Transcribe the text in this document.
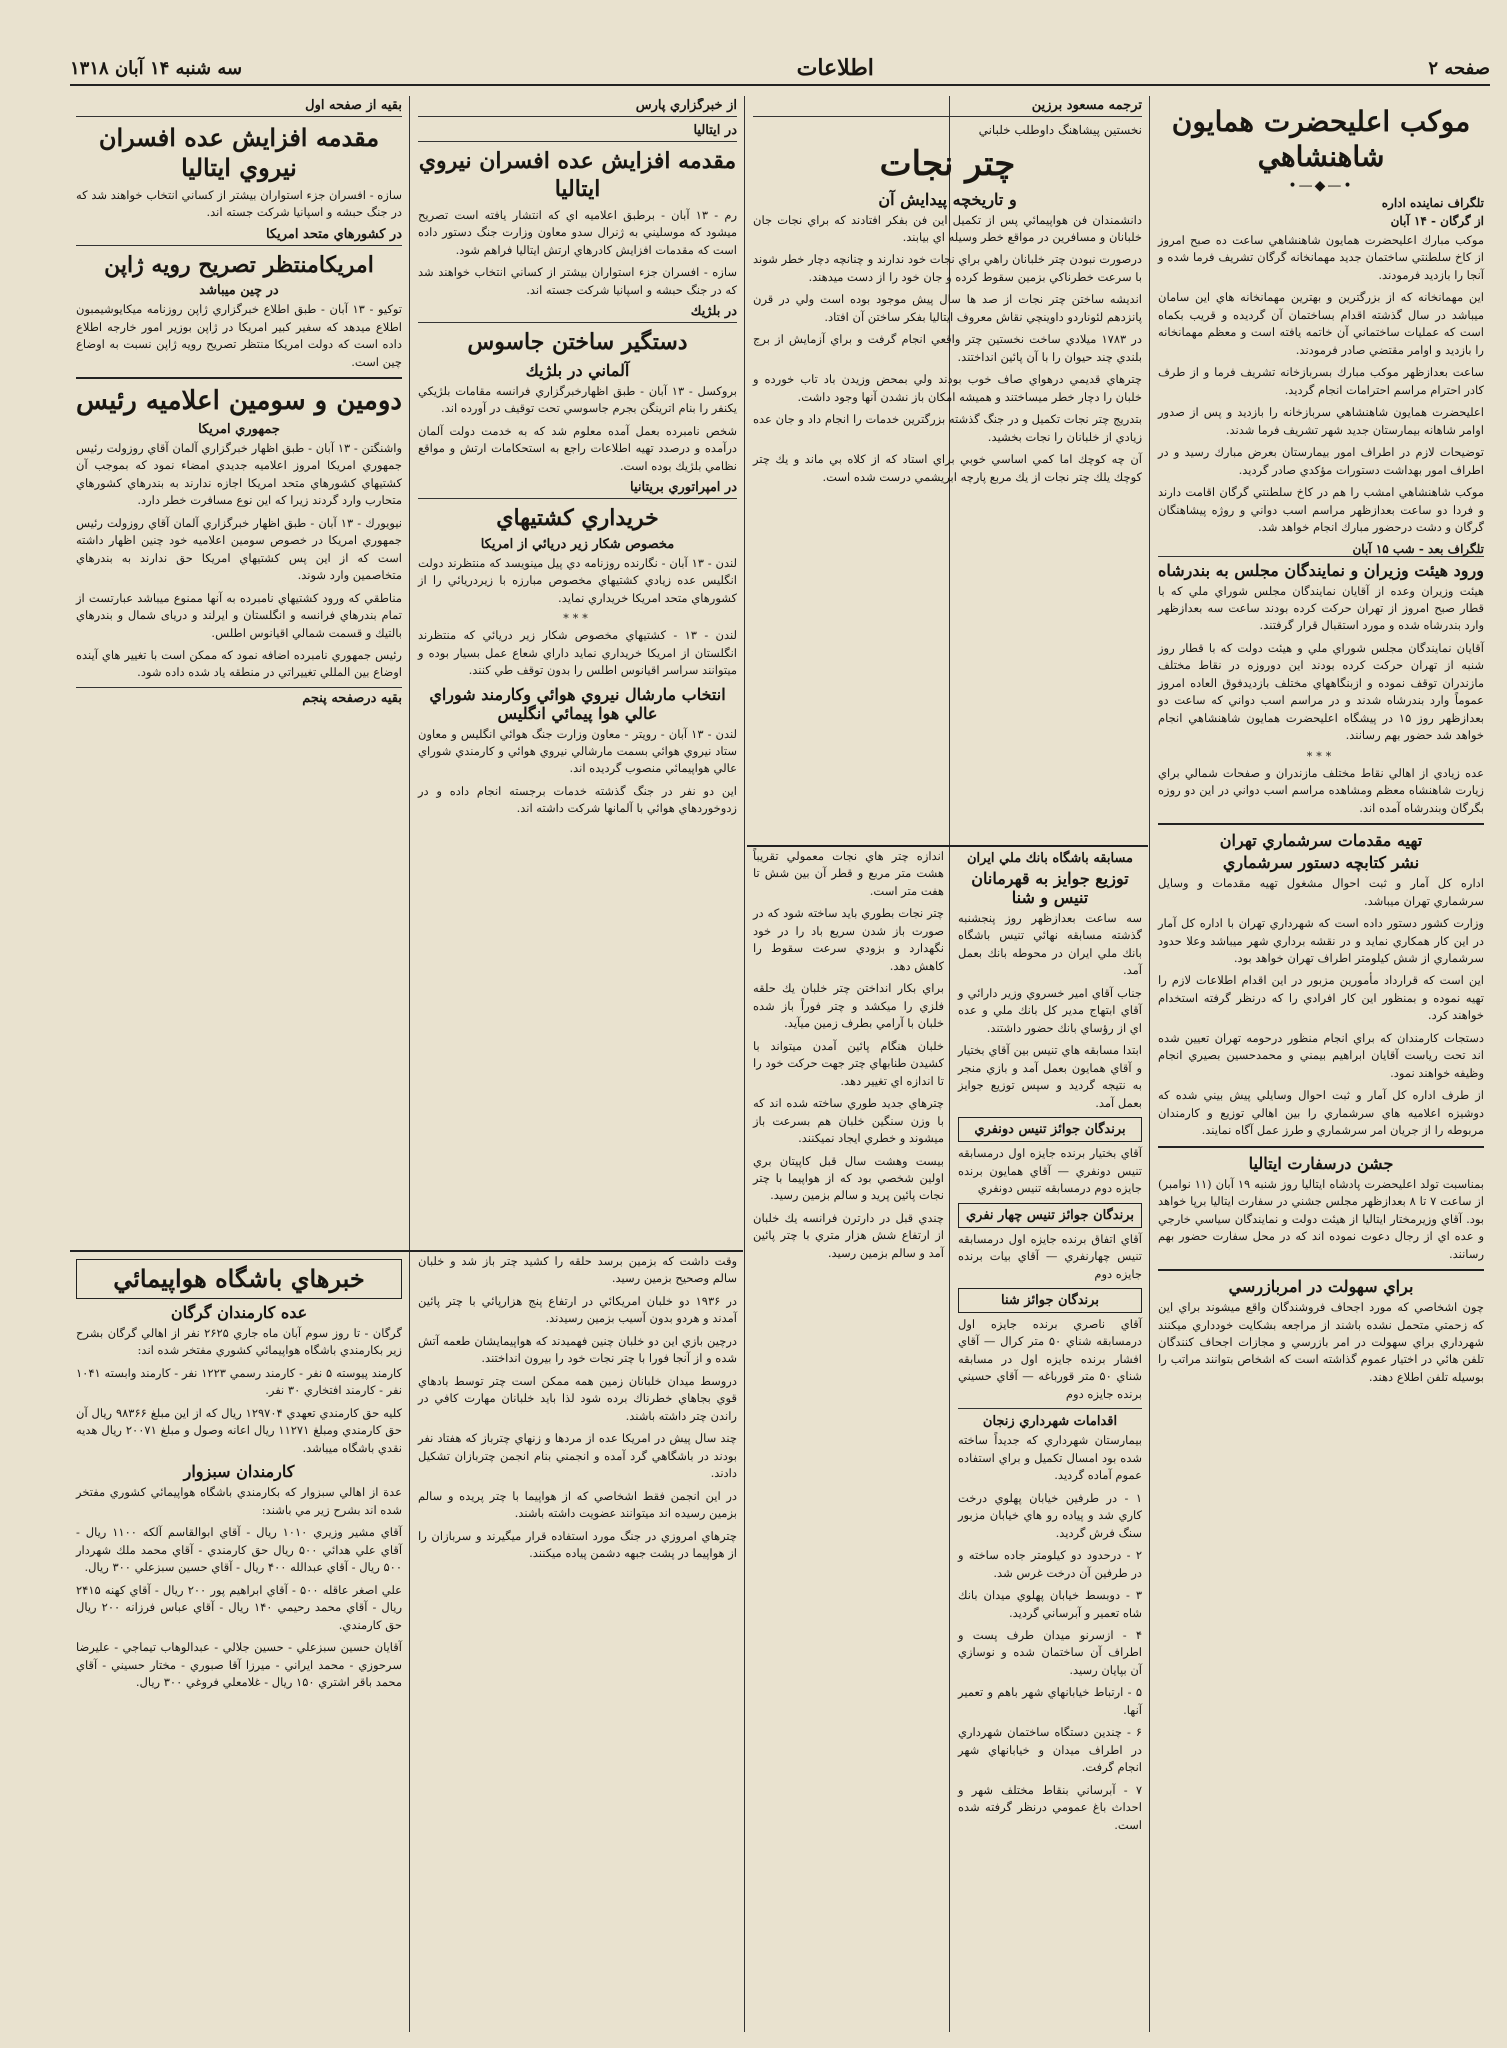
صفحه ۲
اطلاعات
سه شنبه ۱۴ آبان ۱۳۱۸
موكب اعليحضرت همايون شاهنشاهي
•—◆—•
تلگراف نماينده اداره
از گرگان - ۱۴ آبان

موكب مبارك اعليحضرت همايون شاهنشاهي ساعت ده صبح امروز از كاخ سلطنتي ساختمان جديد مهمانخانه گرگان تشريف فرما شده و آنجا را بازديد فرمودند.

اين مهمانخانه كه از بزرگترين و بهترين مهمانخانه هاي اين سامان ميباشد در سال گذشته اقدام بساختمان آن گرديده و قريب بكماه است كه عمليات ساختماني آن خاتمه يافته است و معظم مهمانخانه را بازديد و اوامر مقتضي صادر فرمودند.

ساعت بعدازظهر موكب مبارك بسربازخانه تشريف فرما و از طرف كادر احترام مراسم احترامات انجام گرديد.

اعليحضرت همايون شاهنشاهي سربازخانه را بازديد و پس از صدور اوامر شاهانه بيمارستان جديد شهر تشريف فرما شدند.

توضيحات لازم در اطراف امور بيمارستان بعرض مبارك رسيد و در اطراف امور بهداشت دستورات مؤكدي صادر گرديد.

موكب شاهنشاهي امشب را هم در كاخ سلطنتي گرگان اقامت دارند و فردا دو ساعت بعدازظهر مراسم اسب دواني و روژه پيشاهنگان گرگان و دشت درحضور مبارك انجام خواهد شد.

تلگراف بعد - شب ۱۵ آبان
ورود هيئت وزيران و نمايندگان مجلس به بندرشاه

هيئت وزيران وعده از آقايان نمايندگان مجلس شوراي ملي كه با قطار صبح امروز از تهران حركت كرده بودند ساعت سه بعدازظهر وارد بندرشاه شده و مورد استقبال قرار گرفتند.

آقايان نمايندگان مجلس شوراي ملي و هيئت دولت كه با قطار روز شنبه از تهران حركت كرده بودند اين دوروزه در نقاط مختلف مازندران توقف نموده و ازبنگاههاي مختلف بازديدفوق العاده امروز عموماً وارد بندرشاه شدند و در مراسم اسب دواني كه ساعت دو بعدازظهر روز ۱۵ در پيشگاه اعليحضرت همايون شاهنشاهي انجام خواهد شد حضور بهم رسانند.

***

عده زيادي از اهالي نقاط مختلف مازندران و صفحات شمالي براي زيارت شاهنشاه معظم ومشاهده مراسم اسب دواني در اين دو روزه بگرگان وبندرشاه آمده اند.

تهيه مقدمات سرشماري تهران
نشر كتابچه دستور سرشماري

اداره كل آمار و ثبت احوال مشغول تهيه مقدمات و وسايل سرشماري تهران ميباشد.

وزارت كشور دستور داده است كه شهرداري تهران با اداره كل آمار در اين كار همكاري نمايد و در نقشه برداري شهر ميباشد وعلا حدود سرشماري از شش كيلومتر اطراف تهران خواهد بود.

اين است كه قرارداد مأمورين مزبور در اين اقدام اطلاعات لازم را تهيه نموده و بمنظور اين كار افرادي را كه درنظر گرفته استخدام خواهند كرد.

دستجات كارمندان كه براي انجام منظور درحومه تهران تعيين شده اند تحت رياست آقايان ابراهيم بيمني و محمدحسين بصيري انجام وظيفه خواهند نمود.

از طرف اداره كل آمار و ثبت احوال وسايلي پيش بيني شده كه دوشيزه اعلاميه هاي سرشماري را بين اهالي توزيع و كارمندان مربوطه را از جريان امر سرشماري و طرز عمل آگاه نمايند.

جشن درسفارت ايتاليا

بمناسبت تولد اعليحضرت پادشاه ايتاليا روز شنبه ۱۹ آبان (۱۱ نوامبر) از ساعت ۷ تا ۸ بعدازظهر مجلس جشني در سفارت ايتاليا برپا خواهد بود. آقاي وزيرمختار ايتاليا از هيئت دولت و نمايندگان سياسي خارجي و عده اي از رجال دعوت نموده اند كه در محل سفارت حضور بهم رسانند.

براي سهولت در امربازرسي

چون اشخاصي كه مورد اجحاف فروشندگان واقع ميشوند براي اين كه زحمتي متحمل نشده باشند از مراجعه بشكايت خودداري ميكنند شهرداري براي سهولت در امر بازرسي و مجازات اجحاف كنندگان تلفن هائي در اختيار عموم گذاشته است كه اشخاص بتوانند مراتب را بوسيله تلفن اطلاع دهند.

مسابقه باشگاه بانك ملي ايران
توزيع جوايز به قهرمانان تنيس و شنا

سه ساعت بعدازظهر روز پنجشنبه گذشته مسابقه نهائي تنيس باشگاه بانك ملي ايران در محوطه بانك بعمل آمد.

جناب آقاي امير خسروي وزير دارائي و آقاي ابتهاج مدير كل بانك ملي و عده اي از رؤساي بانك حضور داشتند.

ابتدا مسابقه هاي تنيس بين آقاي بختيار و آقاي همايون بعمل آمد و بازي منجر به نتيجه گرديد و سپس توزيع جوايز بعمل آمد.

برندگان جوائز تنيس دونفري

آقاي بختيار برنده جايزه اول درمسابقه تنيس دونفري — آقاي همايون برنده جايزه دوم درمسابقه تنيس دونفري

برندگان جوائز تنيس چهار نفري

آقاي اتفاق برنده جايزه اول درمسابقه تنيس چهارنفري — آقاي بيات برنده جايزه دوم

برندگان جوائز شنا

آقاي ناصري برنده جايزه اول درمسابقه شناي ۵۰ متر كرال — آقاي افشار برنده جايزه اول در مسابقه شناي ۵۰ متر قورباغه — آقاي حسيني برنده جايزه دوم

اقدامات شهرداري زنجان

بيمارستان شهرداري كه جديداً ساخته شده بود امسال تكميل و براي استفاده عموم آماده گرديد.

۱ - در طرفين خيابان پهلوي درخت كاري شد و پياده رو هاي خيابان مزبور سنگ فرش گرديد.

۲ - درحدود دو كيلومتر جاده ساخته و در طرفين آن درخت غرس شد.

۳ - دوبسط خيابان پهلوي ميدان بانك شاه تعمير و آبرساني گرديد.

۴ - ازسرنو ميدان طرف پست و اطراف آن ساختمان شده و نوسازي آن بپايان رسيد.

۵ - ارتباط خيابانهاي شهر باهم و تعمير آنها.

۶ - چندين دستگاه ساختمان شهرداري در اطراف ميدان و خيابانهاي شهر انجام گرفت.

۷ - آبرساني بنقاط مختلف شهر و احداث باغ عمومي درنظر گرفته شده است.

ترجمه مسعود برزين
نخستين پيشاهنگ داوطلب خلباني
چتر نجات
و تاريخچه پيدايش آن

دانشمندان فن هواپيمائي پس از تكميل اين فن بفكر افتادند كه براي نجات جان خلبانان و مسافرين در مواقع خطر وسيله اي بيابند.

درصورت نبودن چتر خلبانان راهي براي نجات خود ندارند و چنانچه دچار خطر شوند با سرعت خطرناكي بزمين سقوط كرده و جان خود را از دست ميدهند.

انديشه ساختن چتر نجات از صد ها سال پيش موجود بوده است ولي در قرن پانزدهم لئوناردو داوينچي نقاش معروف ايتاليا بفكر ساختن آن افتاد.

در ۱۷۸۳ ميلادي ساخت نخستين چتر واقعي انجام گرفت و براي آزمايش از برج بلندي چند حيوان را با آن پائين انداختند.

چترهاي قديمي درهواي صاف خوب بودند ولي بمحض وزيدن باد تاب خورده و خلبان را دچار خطر ميساختند و هميشه امكان باز نشدن آنها وجود داشت.

بتدريج چتر نجات تكميل و در جنگ گذشته بزرگترين خدمات را انجام داد و جان عده زيادي از خلبانان را نجات بخشيد.

آن چه كوچك اما كمي اساسي خوبي براي استاد كه از كلاه بي ماند و يك چتر كوچك يلك چتر نجات از يك مربع پارچه ابريشمي درست شده است.

اندازه چتر هاي نجات معمولي تقريباً هشت متر مربع و قطر آن بين شش تا هفت متر است.

چتر نجات بطوري بايد ساخته شود كه در صورت باز شدن سريع باد را در خود نگهدارد و بزودي سرعت سقوط را كاهش دهد.

براي بكار انداختن چتر خلبان يك حلقه فلزي را ميكشد و چتر فوراً باز شده خلبان با آرامي بطرف زمين ميآيد.

خلبان هنگام پائين آمدن ميتواند با كشيدن طنابهاي چتر جهت حركت خود را تا اندازه اي تغيير دهد.

چترهاي جديد طوري ساخته شده اند كه با وزن سنگين خلبان هم بسرعت باز ميشوند و خطري ايجاد نميكنند.

بيست وهشت سال قبل كاپيتان بري اولين شخصي بود كه از هواپيما با چتر نجات پائين پريد و سالم بزمين رسيد.

چندي قبل در دارترن فرانسه يك خلبان از ارتفاع شش هزار متري با چتر پائين آمد و سالم بزمين رسيد.

از خبرگزاري پارس
در ايتاليا
مقدمه افزايش عده افسران نيروي ايتاليا

رم - ۱۳ آبان - برطبق اعلاميه اي كه انتشار يافته است تصريح ميشود كه موسليني به ژنرال سدو معاون وزارت جنگ دستور داده است كه مقدمات افزايش كادرهاي ارتش ايتاليا فراهم شود.

سازه - افسران جزء استواران بيشتر از كساني انتخاب خواهند شد كه در جنگ حبشه و اسپانيا شركت جسته اند.

در بلژيك
دستگير ساختن جاسوس
آلماني در بلژيك

بروكسل - ۱۳ آبان - طبق اظهارخبرگزاري فرانسه مقامات بلژيكي يكنفر را بنام اترينگن بجرم جاسوسي تحت توقيف در آورده اند.

شخص نامبرده بعمل آمده معلوم شد كه به خدمت دولت آلمان درآمده و درصدد تهيه اطلاعات راجع به استحكامات ارتش و مواقع نظامي بلژيك بوده است.

در امپراتوري بريتانيا
خريداري كشتيهاي
مخصوص شكار زير دريائي از امريكا

لندن - ۱۳ آبان - نگارنده روزنامه دي پيل مينويسد كه منتظرند دولت انگليس عده زيادي كشتيهاي مخصوص مبارزه با زيردريائي را از كشورهاي متحد امريكا خريداري نمايد.

***

لندن - ۱۳ - كشتيهاي مخصوص شكار زير دريائي كه منتظرند انگلستان از امريكا خريداري نمايد داراي شعاع عمل بسيار بوده و ميتوانند سراسر اقيانوس اطلس را بدون توقف طي كنند.

انتخاب مارشال نيروي هوائي وكارمند شوراي عالي هوا پيمائي انگليس

لندن - ۱۳ آبان - رويتر - معاون وزارت جنگ هوائي انگليس و معاون ستاد نيروي هوائي بسمت مارشالي نيروي هوائي و كارمندي شوراي عالي هواپيمائي منصوب گرديده اند.

اين دو نفر در جنگ گذشته خدمات برجسته انجام داده و در زدوخوردهاي هوائي با آلمانها شركت داشته اند.

وقت داشت كه بزمين برسد حلقه را كشيد چتر باز شد و خلبان سالم وصحيح بزمين رسيد.

در ۱۹۳۶ دو خلبان امريكائي در ارتفاع پنج هزارپائي با چتر پائين آمدند و هردو بدون آسيب بزمين رسيدند.

درچين بازي اين دو خلبان چنين فهميدند كه هواپيمايشان طعمه آتش شده و از آنجا فورا با چتر نجات خود را بيرون انداختند.

دروسط ميدان خلبانان زمين همه ممكن است چتر توسط بادهاي قوي بجاهاي خطرناك برده شود لذا بايد خلبانان مهارت كافي در راندن چتر داشته باشند.

چند سال پيش در امريكا عده از مردها و زنهاي چترباز كه هفتاد نفر بودند در باشگاهي گرد آمده و انجمني بنام انجمن چتربازان تشكيل دادند.

در اين انجمن فقط اشخاصي كه از هواپيما با چتر پريده و سالم بزمين رسيده اند ميتوانند عضويت داشته باشند.

چترهاي امروزي در جنگ مورد استفاده قرار ميگيرند و سربازان را از هواپيما در پشت جبهه دشمن پياده ميكنند.

بقيه از صفحه اول
مقدمه افزايش عده افسران نيروي ايتاليا

سازه - افسران جزء استواران بيشتر از كساني انتخاب خواهند شد كه در جنگ حبشه و اسپانيا شركت جسته اند.

در كشورهاي متحد امريكا
امريكامنتظر تصريح رويه ژاپن
در چين ميباشد

توكيو - ۱۳ آبان - طبق اطلاع خبرگزاري ژاپن روزنامه ميكايوشيمبون اطلاع ميدهد كه سفير كبير امريكا در ژاپن بوزير امور خارجه اطلاع داده است كه دولت امريكا منتظر تصريح رويه ژاپن نسبت به اوضاع چين است.

دومين و سومين اعلاميه رئيس
جمهوري امريكا

واشنگتن - ۱۳ آبان - طبق اظهار خبرگزاري آلمان آقاي روزولت رئيس جمهوري امريكا امروز اعلاميه جديدي امضاء نمود كه بموجب آن كشتيهاي كشورهاي متحد امريكا اجازه ندارند به بندرهاي كشورهاي متحارب وارد گردند زيرا كه اين نوع مسافرت خطر دارد.

نيويورك - ۱۳ آبان - طبق اظهار خبرگزاري آلمان آقاي روزولت رئيس جمهوري امريكا در خصوص سومين اعلاميه خود چنين اظهار داشته است كه از اين پس كشتيهاي امريكا حق ندارند به بندرهاي متخاصمين وارد شوند.

مناطقي كه ورود كشتيهاي نامبرده به آنها ممنوع ميباشد عبارتست از تمام بندرهاي فرانسه و انگلستان و ايرلند و دريای شمال و بندرهاي بالتيك و قسمت شمالي اقيانوس اطلس.

رئيس جمهوري نامبرده اضافه نمود كه ممكن است با تغيير هاي آينده اوضاع بين المللي تغييراتي در منطقه ياد شده داده شود.

بقيه درصفحه پنجم
خبرهاي باشگاه هواپيمائي
عده كارمندان گرگان

گرگان - تا روز سوم آبان ماه جاري ۲۶۲۵ نفر از اهالي گرگان بشرح زير بكارمندي باشگاه هواپيمائي كشوري مفتخر شده اند:

كارمند پيوسته ۵ نفر - كارمند رسمي ۱۲۲۳ نفر - كارمند وابسته ۱۰۴۱ نفر - كارمند افتخاري ۳۰ نفر.

كليه حق كارمندي تعهدي ۱۲۹۷۰۴ ريال كه از اين مبلغ ۹۸۳۶۶ ريال آن حق كارمندي ومبلغ ۱۱۲۷۱ ريال اعانه وصول و مبلغ ۲۰۰۷۱ ريال هديه نقدي باشگاه ميباشد.

كارمندان سبزوار

عدة از اهالي سبزوار كه بكارمندي باشگاه هواپيمائي كشوري مفتخر شده اند بشرح زير مي باشند:

آقاي مشير وزيري ۱۰۱۰ ريال - آقاي ابوالقاسم آلكه ۱۱۰۰ ريال - آقاي علي هدائي ۵۰۰ ريال حق كارمندي - آقاي محمد ملك شهردار ۵۰۰ ريال - آقاي عبدالله ۴۰۰ ريال - آقاي حسين سبزعلي ۳۰۰ ريال.

علي اصغر عاقله ۵۰۰ - آقاي ابراهيم پور ۲۰۰ ريال - آقاي كهنه ۲۴۱۵ ريال - آقاي محمد رحيمي ۱۴۰ ريال - آقاي عباس فرزانه ۲۰۰ ريال حق كارمندي.

آقايان حسين سبزعلي - حسين جلالي - عبدالوهاب تيماجي - عليرضا سرحوزي - محمد ايراني - ميرزا آقا صبوري - مختار حسيني - آقاي محمد باقر اشتري ۱۵۰ ريال - غلامعلي فروغي ۳۰۰ ريال.
